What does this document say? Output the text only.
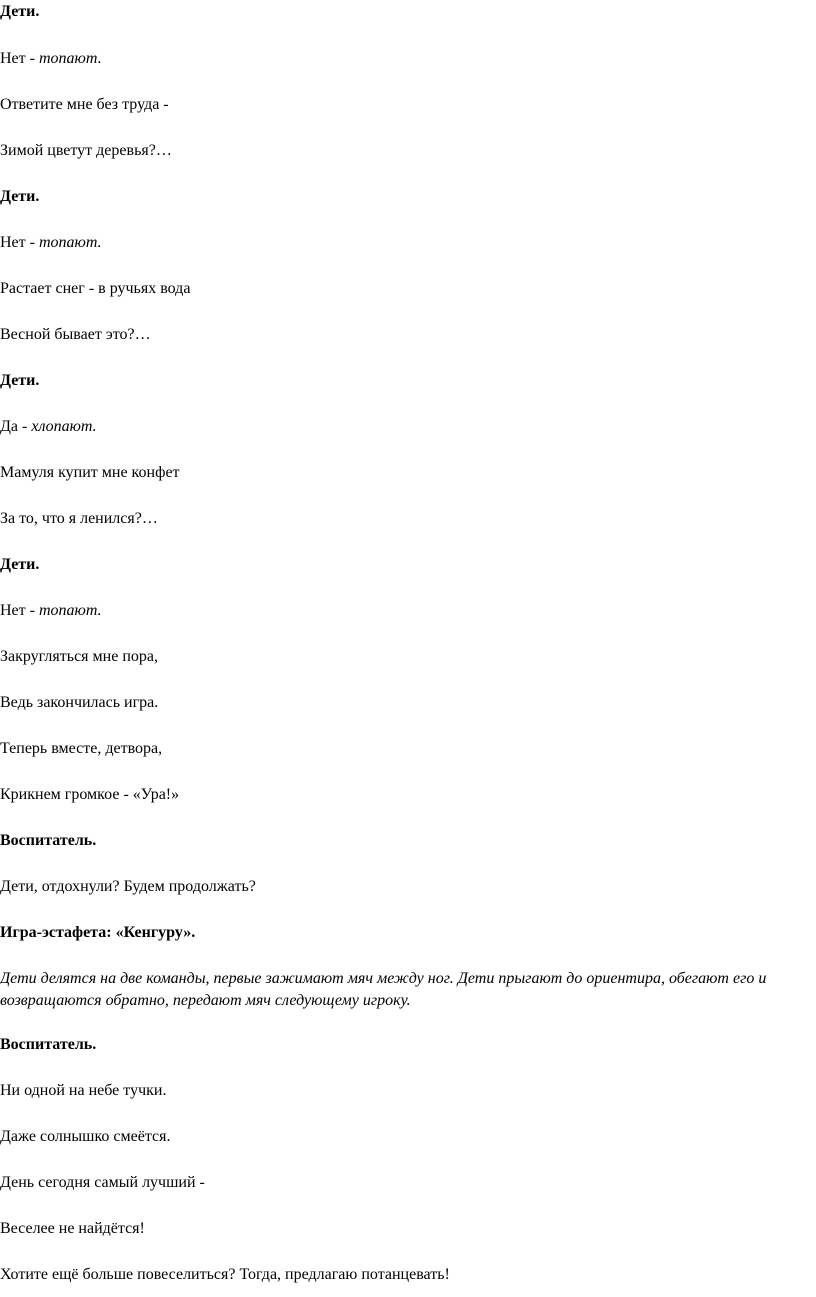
Дети.
Нет - топают.
Ответите мне без труда -
Зимой цветут деревья?…
Дети.
Нет - топают.
Растает снег - в ручьях вода
Весной бывает это?…
Дети.
Да - хлопают.
Мамуля купит мне конфет
За то, что я ленился?…
Дети.
Нет - топают.
Закругляться мне пора,
Ведь закончилась игра.
Теперь вместе, детвора,
Крикнем громкое - «Ура!»
Воспитатель.
Дети, отдохнули? Будем продолжать?
Игра-эстафета: «Кенгуру».
Дети делятся на две команды, первые зажимают мяч между ног. Дети прыгают до ориентира, обегают его и возвращаются обратно, передают мяч следующему игроку.
Воспитатель.
Ни одной на небе тучки.
Даже солнышко смеётся.
День сегодня самый лучший -
Веселее не найдётся!
Хотите ещё больше повеселиться? Тогда, предлагаю потанцевать!
